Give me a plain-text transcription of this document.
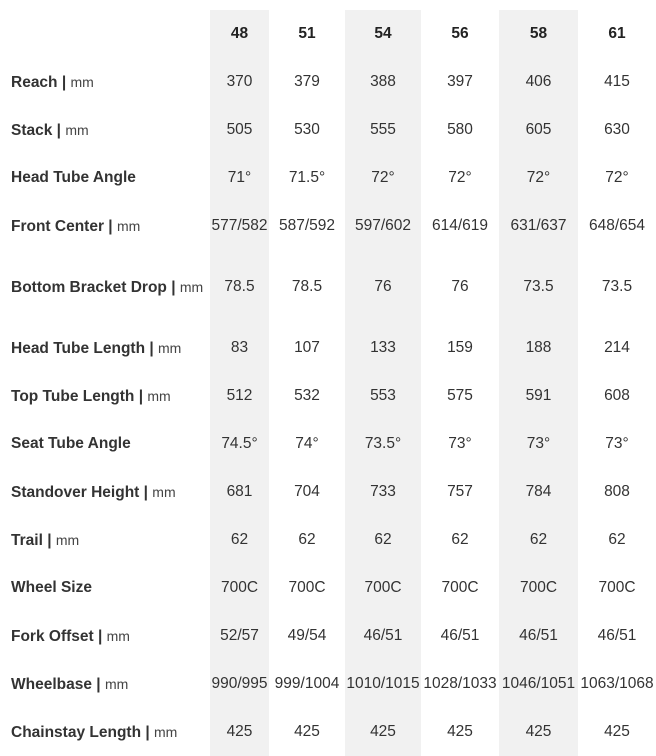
	48	51	54	56	58	61
Reach | mm	370	379	388	397	406	415
Stack | mm	505	530	555	580	605	630
Head Tube Angle	71°	71.5°	72°	72°	72°	72°
Front Center | mm	577/582	587/592	597/602	614/619	631/637	648/654
Bottom Bracket Drop | mm	78.5	78.5	76	76	73.5	73.5
Head Tube Length | mm	83	107	133	159	188	214
Top Tube Length | mm	512	532	553	575	591	608
Seat Tube Angle	74.5°	74°	73.5°	73°	73°	73°
Standover Height | mm	681	704	733	757	784	808
Trail | mm	62	62	62	62	62	62
Wheel Size	700C	700C	700C	700C	700C	700C
Fork Offset | mm	52/57	49/54	46/51	46/51	46/51	46/51
Wheelbase | mm	990/995	999/1004	1010/1015	1028/1033	1046/1051	1063/1068
Chainstay Length | mm	425	425	425	425	425	425
